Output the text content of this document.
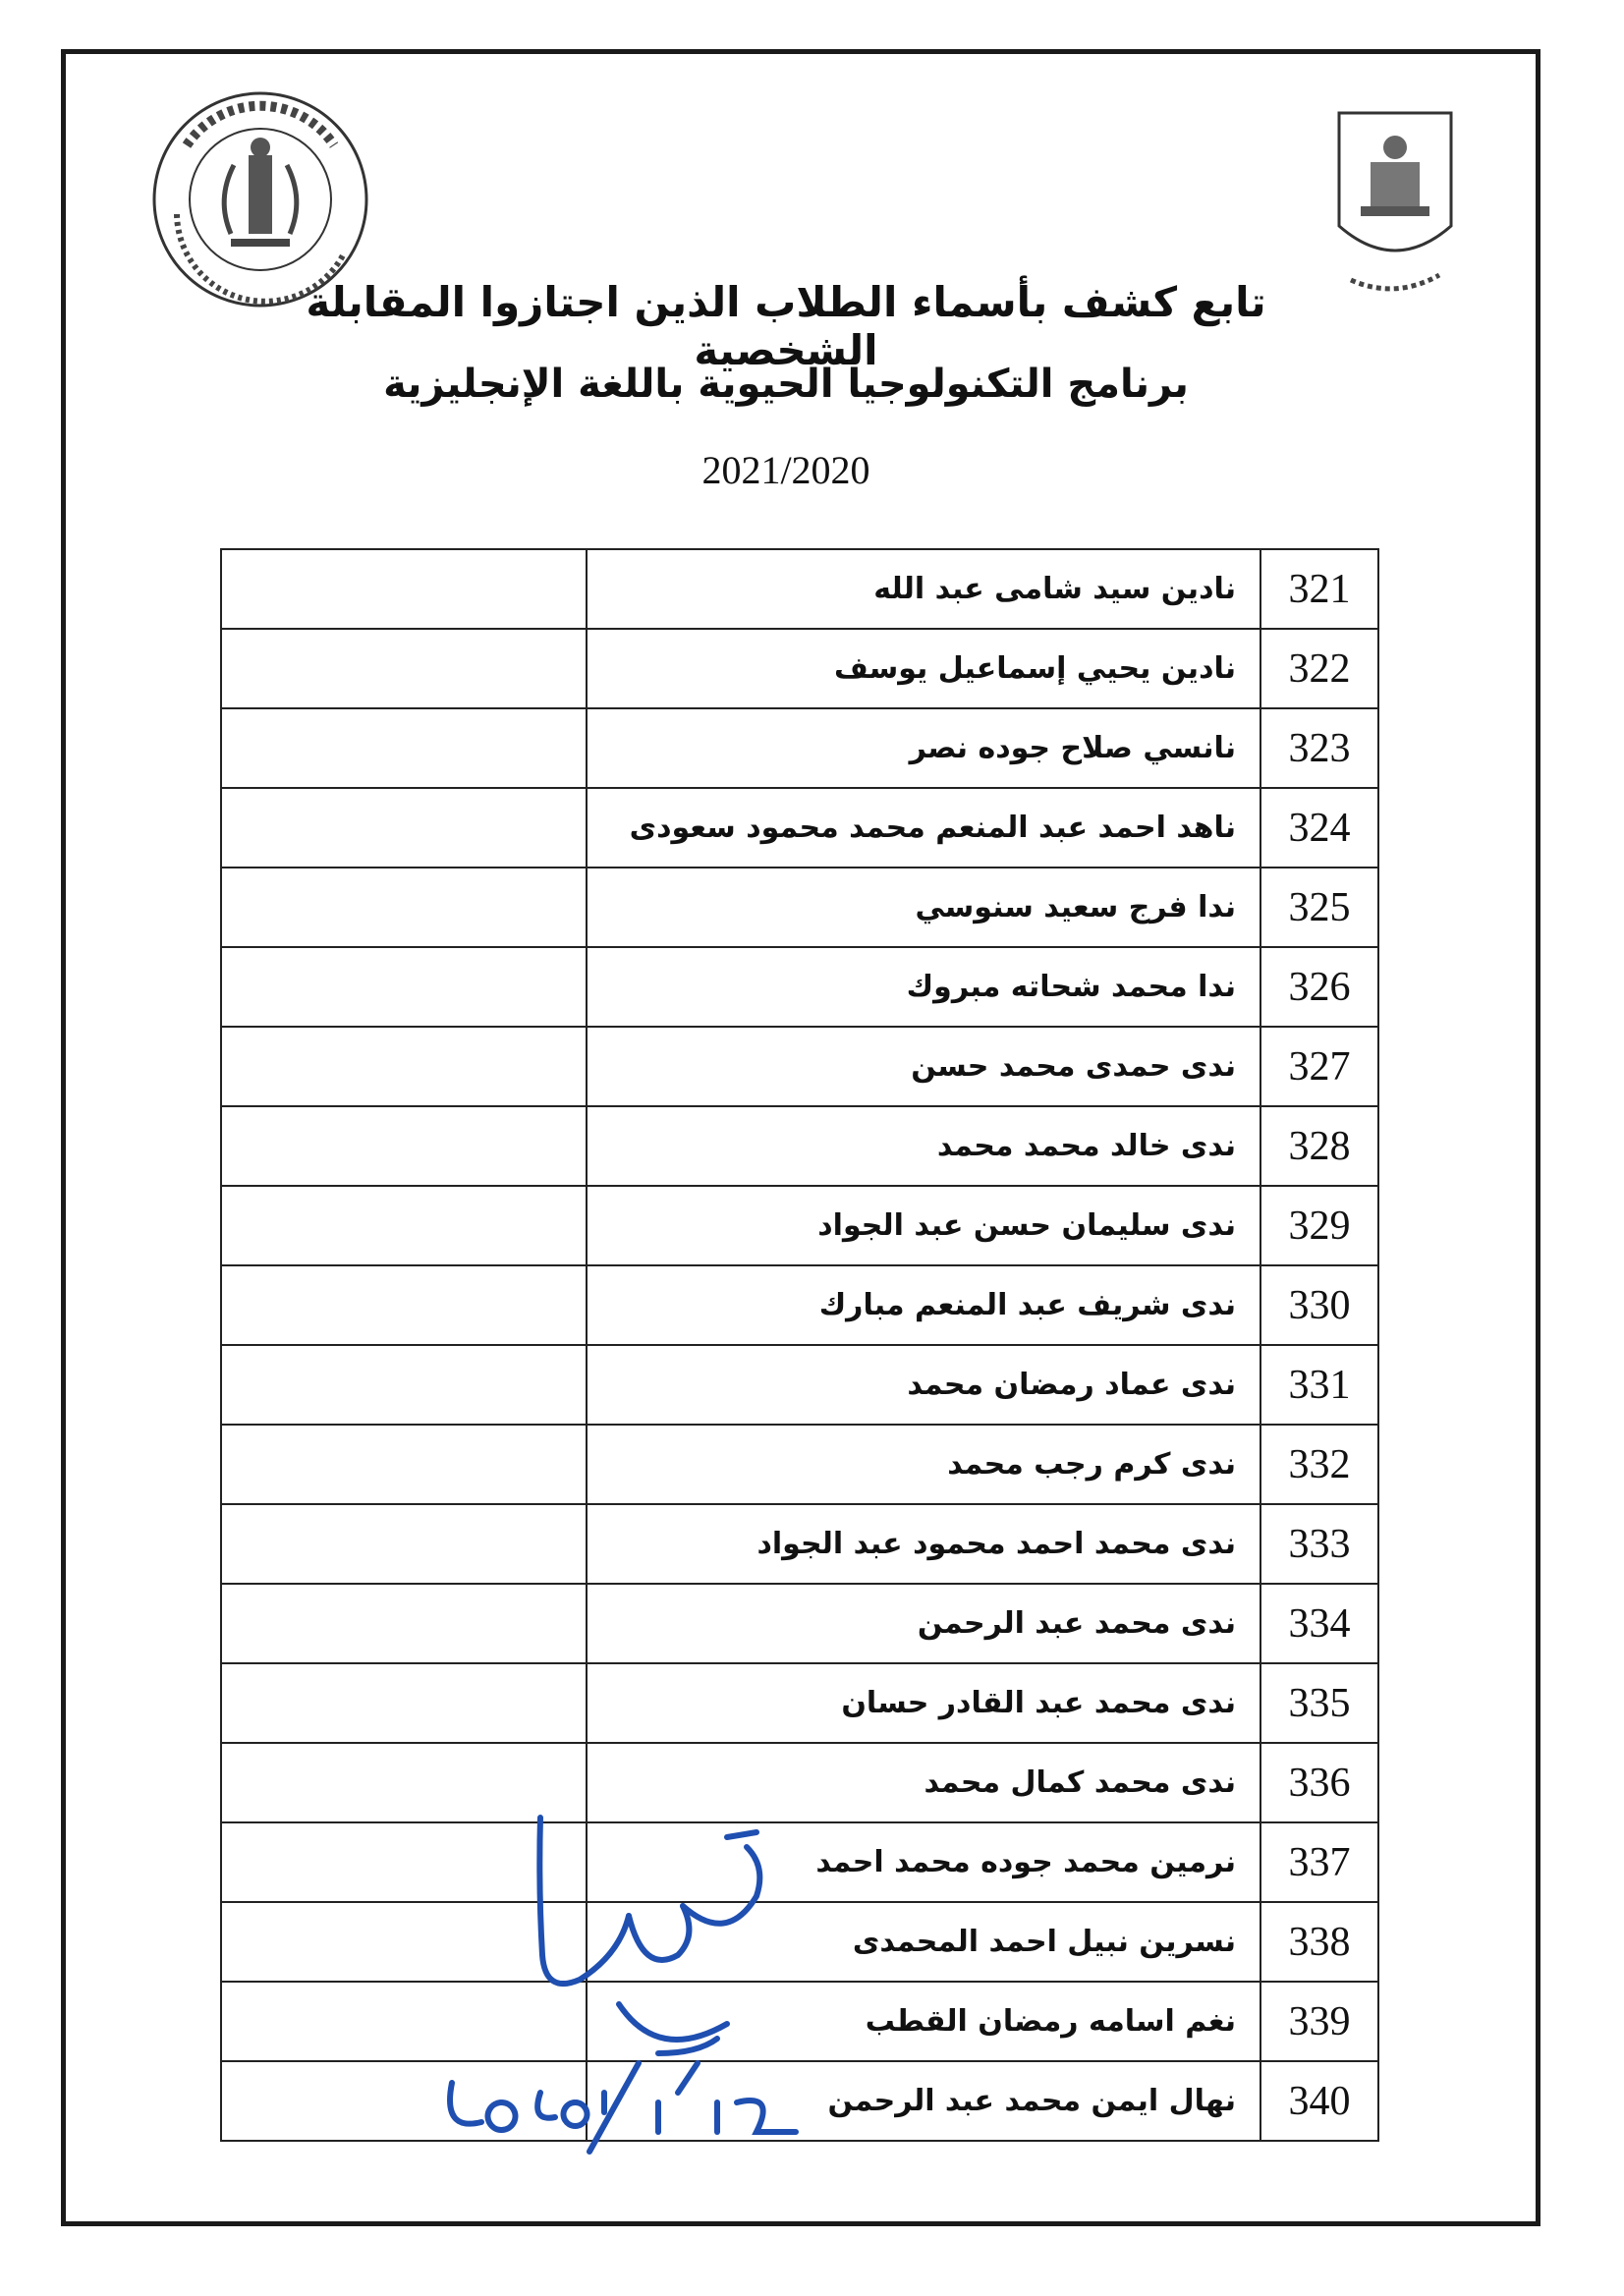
تابع كشف بأسماء الطلاب الذين اجتازوا المقابلة الشخصية
برنامج التكنولوجيا الحيوية باللغة الإنجليزية
2021/2020
	نادين سيد شامى عبد الله	321
	نادين يحيي إسماعيل يوسف	322
	نانسي صلاح جوده نصر	323
	ناهد احمد عبد المنعم محمد محمود سعودى	324
	ندا فرج سعيد سنوسي	325
	ندا محمد شحاته مبروك	326
	ندى حمدى محمد حسن	327
	ندى خالد محمد محمد	328
	ندى سليمان حسن عبد الجواد	329
	ندى شريف عبد المنعم مبارك	330
	ندى عماد رمضان محمد	331
	ندى كرم رجب محمد	332
	ندى محمد احمد محمود عبد الجواد	333
	ندى محمد عبد الرحمن	334
	ندى محمد عبد القادر حسان	335
	ندى محمد كمال محمد	336
	نرمين محمد جوده محمد احمد	337
	نسرين نبيل احمد المحمدى	338
	نغم اسامه رمضان القطب	339
	نهال ايمن محمد عبد الرحمن	340
